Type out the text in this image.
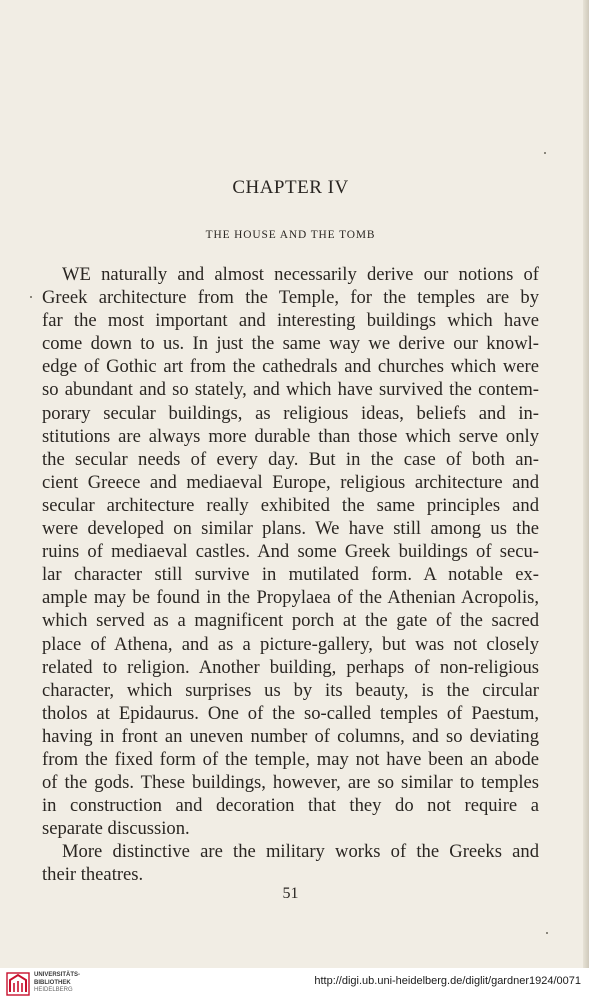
CHAPTER IV
THE HOUSE AND THE TOMB
WE naturally and almost necessarily derive our notions of
Greek architecture from the Temple, for the temples are by
far the most important and interesting buildings which have
come down to us. In just the same way we derive our knowl-
edge of Gothic art from the cathedrals and churches which were
so abundant and so stately, and which have survived the contem-
porary secular buildings, as religious ideas, beliefs and in-
stitutions are always more durable than those which serve only
the secular needs of every day. But in the case of both an-
cient Greece and mediaeval Europe, religious architecture and
secular architecture really exhibited the same principles and
were developed on similar plans. We have still among us the
ruins of mediaeval castles. And some Greek buildings of secu-
lar character still survive in mutilated form. A notable ex-
ample may be found in the Propylaea of the Athenian Acropolis,
which served as a magnificent porch at the gate of the sacred
place of Athena, and as a picture-gallery, but was not closely
related to religion. Another building, perhaps of non-religious
character, which surprises us by its beauty, is the circular
tholos at Epidaurus. One of the so-called temples of Paestum,
having in front an uneven number of columns, and so deviating
from the fixed form of the temple, may not have been an abode
of the gods. These buildings, however, are so similar to temples
in construction and decoration that they do not require a
separate discussion.
More distinctive are the military works of the Greeks and
their theatres.
51
UNIVERSITÄTS-
BIBLIOTHEK
HEIDELBERG
http://digi.ub.uni-heidelberg.de/diglit/gardner1924/0071
